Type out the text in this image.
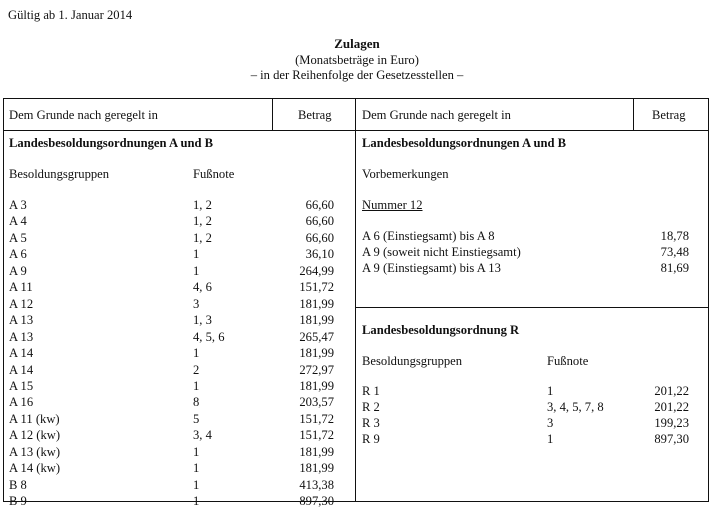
Gültig ab 1. Januar 2014
Zulagen
(Monatsbeträge in Euro)
– in der Reihenfolge der Gesetzesstellen –
Dem Grunde nach geregelt in	Betrag Dem Grunde nach geregelt in	Betrag
Landesbesoldungsordnungen A und B
Besoldungsgruppen	Fußnote
A 3	1, 2	66,60
A 4	1, 2	66,60
A 5	1, 2	66,60
A 6	1	36,10
A 9	1	264,99
A 11	4, 6	151,72
A 12	3	181,99
A 13	1, 3	181,99
A 13	4, 5, 6	265,47
A 14	1	181,99
A 14	2	272,97
A 15	1	181,99
A 16	8	203,57
A 11 (kw)	5	151,72
A 12 (kw)	3, 4	151,72
A 13 (kw)	1	181,99
A 14 (kw)	1	181,99
B 8	1	413,38
B 9	1	897,30
Landesbesoldungsordnungen A und B
Vorbemerkungen
Nummer 12
A 6 (Einstiegsamt) bis A 8	18,78
A 9 (soweit nicht Einstiegsamt)	73,48
A 9 (Einstiegsamt) bis A 13	81,69
Landesbesoldungsordnung R
Besoldungsgruppen	Fußnote
R 1	1	201,22
R 2	3, 4, 5, 7, 8	201,22
R 3	3	199,23
R 9	1	897,30
